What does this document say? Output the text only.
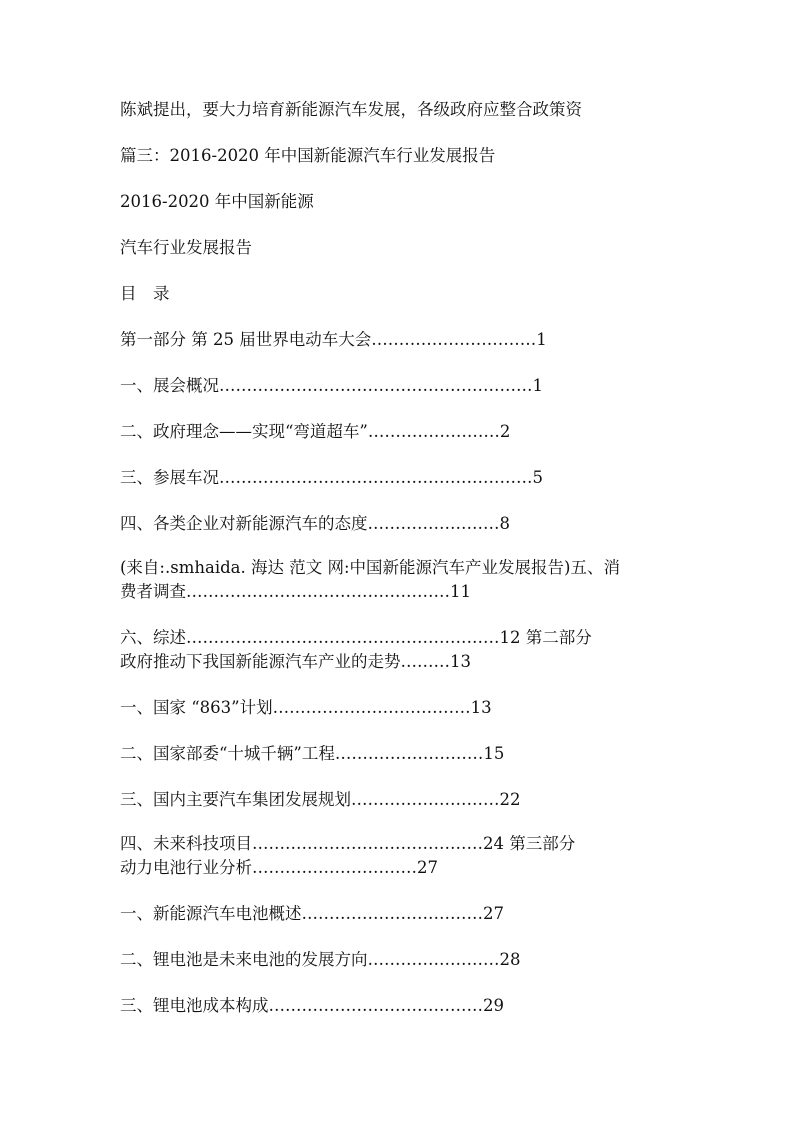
陈斌提出，要大力培育新能源汽车发展，各级政府应整合政策资
篇三：2016-2020 年中国新能源汽车行业发展报告
2016-2020 年中国新能源
汽车行业发展报告
目　录
第一部分 第 25 届世界电动车大会…………………………1
一、展会概况…………………………………………………1
二、政府理念——实现“弯道超车”……………………2
三、参展车况…………………………………………………5
四、各类企业对新能源汽车的态度……………………8
(来自:.smhaida. 海达 范文 网:中国新能源汽车产业发展报告)五、消
费者调查…………………………………………11
六、综述…………………………………………………12 第二部分
政府推动下我国新能源汽车产业的走势………13
一、国家 “863”计划………………………………13
二、国家部委“十城千辆”工程………………………15
三、国内主要汽车集团发展规划………………………22
四、未来科技项目……………………………………24 第三部分
动力电池行业分析…………………………27
一、新能源汽车电池概述……………………………27
二、锂电池是未来电池的发展方向……………………28
三、锂电池成本构成…………………………………29
